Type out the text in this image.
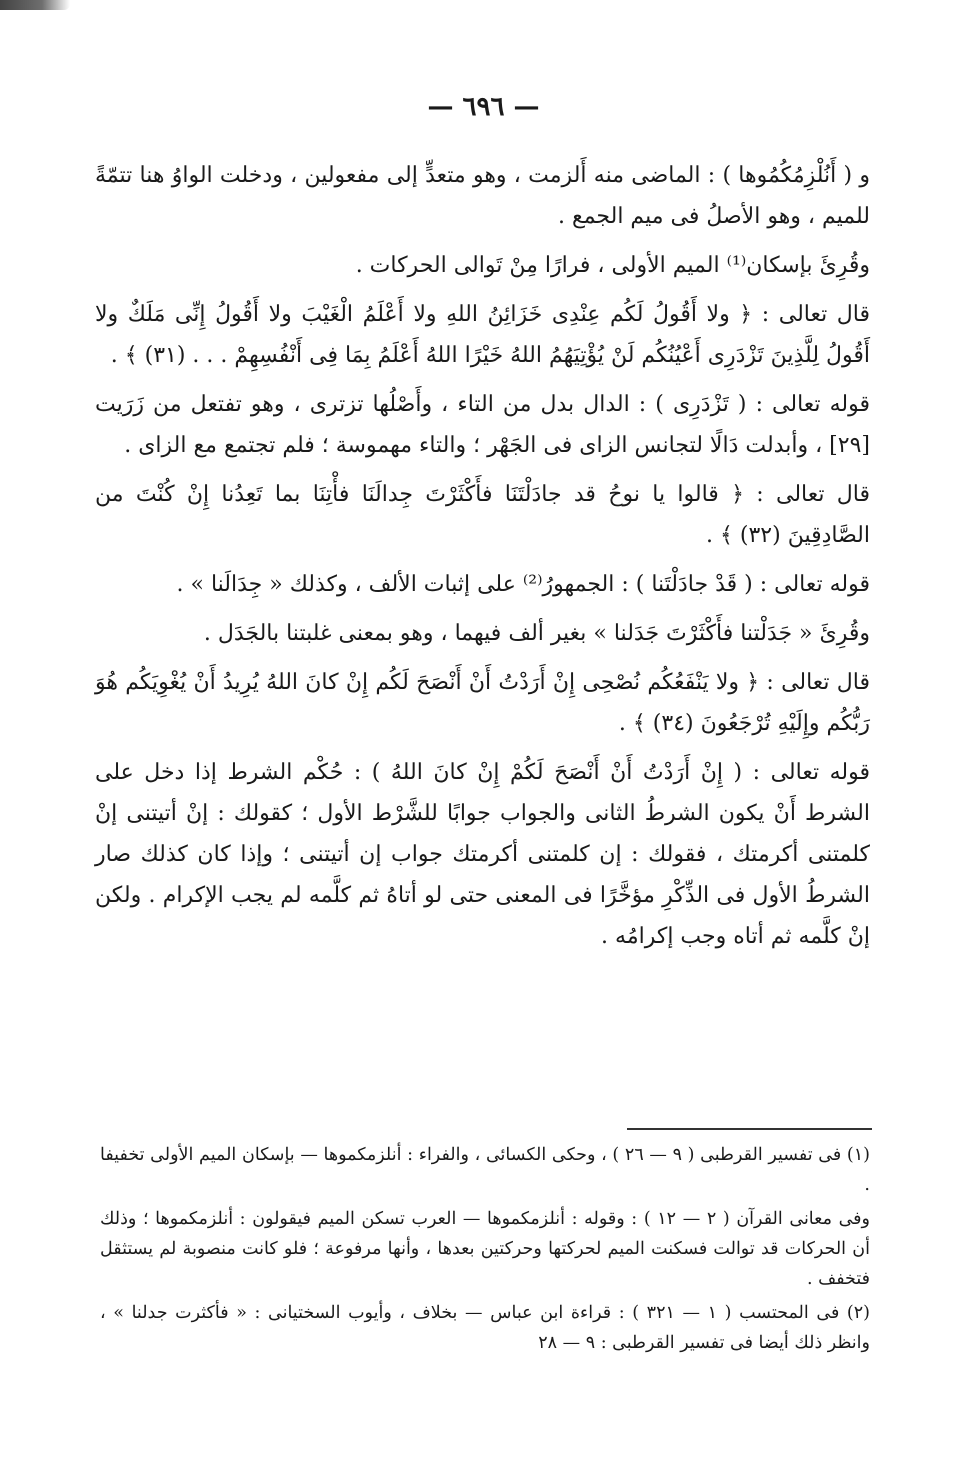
— ٦٩٦ —

و ( أَنُلْزِمُكُمُوها ) : الماضى منه أَلزمت ، وهو متعدٍّ إلى مفعولين ، ودخلت الواوُ هنا تتمّةً للميم ، وهو الأصلُ فى ميم الجمع .

وقُرِئَ بإسكان⁽¹⁾ الميم الأولى ، فرارًا مِنْ تَوالى الحركات .

قال تعالى : ﴿ ولا أَقُولُ لَكُم عِنْدِى خَزَائِنُ اللهِ ولا أَعْلَمُ الْغَيْبَ ولا أَقُولُ إِنِّى مَلَكٌ ولا أَقُولُ لِلَّذِينَ تَزْدَرِى أَعْيُنُكُم لَنْ يُؤْتِيَهُمُ اللهُ خَيْرًا اللهُ أَعْلَمُ بِمَا فِى أَنْفُسِهِمْ . . . (٣١) ﴾ .

قوله تعالى : ( تَزْدَرِى ) : الدال بدل من التاء ، وأَصْلُها تزترى ، وهو تفتعل من زَرَيت [٢٩] ، وأبدلت دَالًا لتجانس الزاى فى الجَهْر ؛ والتاء مهموسة ؛ فلم تجتمع مع الزاى .

قال تعالى : ﴿ قالوا يا نوحُ قد جادَلْتَنَا فأَكْثَرْتَ جِدالَنَا فأْتِنَا بما تَعِدُنا إِنْ كُنْتَ من الصَّادِقِينَ (٣٢) ﴾ .

قوله تعالى : ( قَدْ جادَلْتَنا ) : الجمهورُ⁽²⁾ على إثبات الألف ، وكذلك « جِدَالَنا » .

وقُرِئَ « جَدَلْتنا فأَكْثَرْتَ جَدَلنا » بغير ألف فيهما ، وهو بمعنى غلبتنا بالجَدَل .

قال تعالى : ﴿ ولا يَنْفَعُكُم نُصْحِى إِنْ أَرَدْتُ أَنْ أَنْصَحَ لَكُم إِنْ كانَ اللهُ يُرِيدُ أَنْ يُغْوِيَكُم هُوَ رَبُّكُم وإِلَيْهِ تُرْجَعُونَ (٣٤) ﴾ .

قوله تعالى : ( إِنْ أَرَدْتُ أَنْ أَنْصَحَ لَكُمْ إِنْ كانَ اللهُ ) : حُكْم الشرط إذا دخل على الشرط أَنْ يكون الشرطُ الثانى والجواب جوابًا للشَّرْط الأول ؛ كقولك : إنْ أتيتنى إنْ كلمتنى أكرمتك ، فقولك : إن كلمتنى أكرمتك جواب إن أتيتنى ؛ وإذا كان كذلك صار الشرطُ الأول فى الذِّكْرِ مؤخَّرًا فى المعنى حتى لو أتاهُ ثم كلَّمه لم يجب الإكرام . ولكن إنْ كلَّمه ثم أتاه وجب إكرامُه .

(١) فى تفسير القرطبى ( ٩ — ٢٦ ) ، وحكى الكسائى ، والفراء : أنلزمكموها — بإسكان الميم الأولى تخفيفا .

وفى معانى القرآن ( ٢ — ١٢ ) : وقوله : أنلزمكموها — العرب تسكن الميم فيقولون : أنلزمكموها ؛ وذلك أن الحركات قد توالت فسكنت الميم لحركتها وحركتين بعدها ، وأنها مرفوعة ؛ فلو كانت منصوبة لم يستثقل فتخفف .

(٢) فى المحتسب ( ١ — ٣٢١ ) : قراءة ابن عباس — بخلاف ، وأيوب السختيانى : « فأكثرت جدلنا » ، وانظر ذلك أيضا فى تفسير القرطبى : ٩ — ٢٨
